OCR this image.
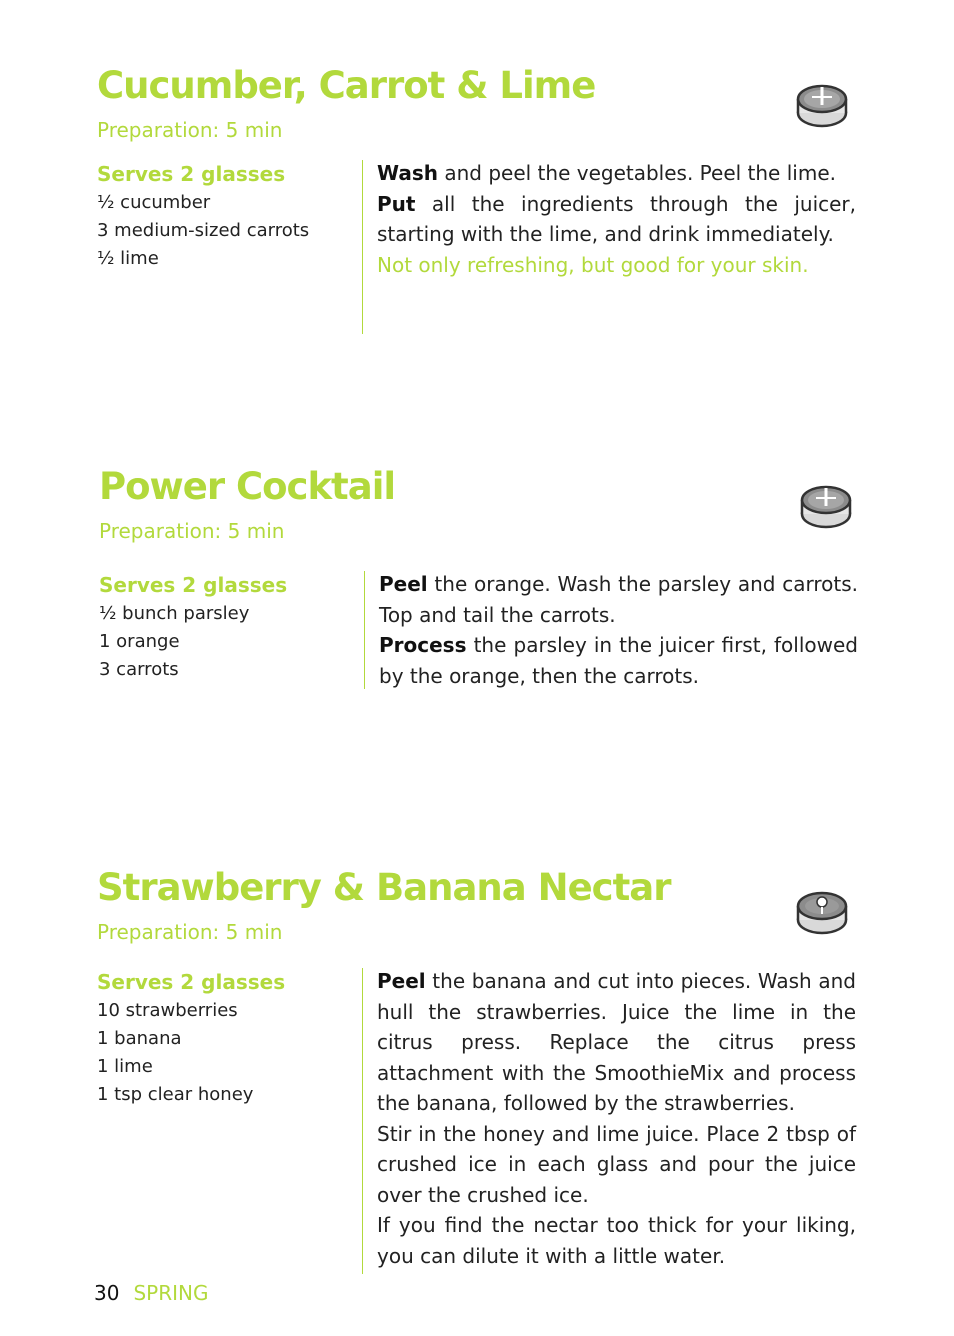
Cucumber, Carrot & Lime
Preparation: 5 min
Serves 2 glasses
½ cucumber
3 medium-sized carrots
½ lime

Wash and peel the vegetables. Peel the lime.

Put all the ingredients through the juicer, starting with the lime, and drink immediately.

Not only refreshing, but good for your skin.

Power Cocktail
Preparation: 5 min
Serves 2 glasses
½ bunch parsley
1 orange
3 carrots

Peel the orange. Wash the parsley and carrots. Top and tail the carrots.

Process the parsley in the juicer first, followed by the orange, then the carrots.

Strawberry & Banana Nectar
Preparation: 5 min
Serves 2 glasses
10 strawberries
1 banana
1 lime
1 tsp clear honey

Peel the banana and cut into pieces. Wash and hull the strawberries. Juice the lime in the citrus press. Replace the citrus press attachment with the SmoothieMix and process the banana, followed by the strawberries.

Stir in the honey and lime juice. Place 2 tbsp of crushed ice in each glass and pour the juice over the crushed ice.

If you find the nectar too thick for your liking, you can dilute it with a little water.

30 SPRING
